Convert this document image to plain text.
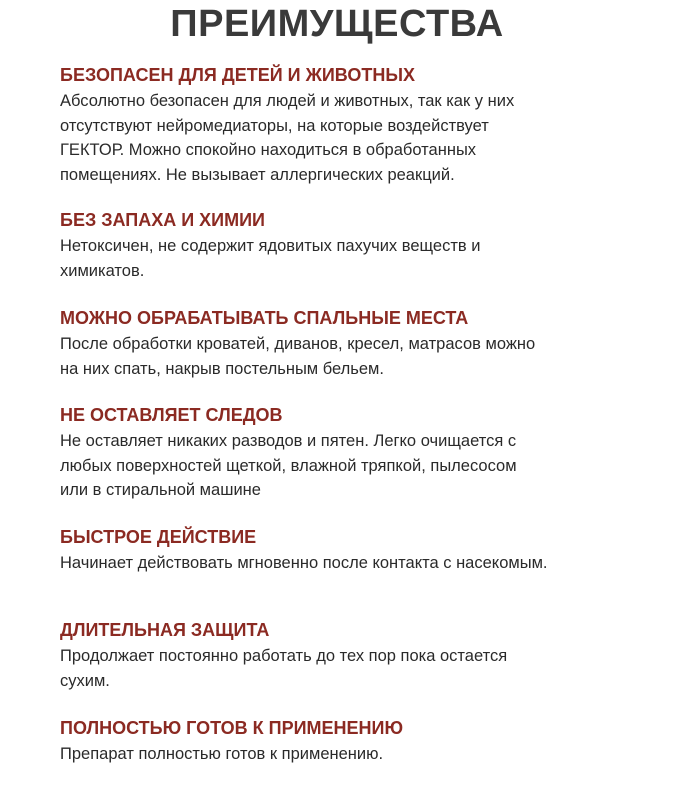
ПРЕИМУЩЕСТВА
БЕЗОПАСЕН ДЛЯ ДЕТЕЙ И ЖИВОТНЫХ
Абсолютно безопасен для людей и животных, так как у них
отсутствуют нейромедиаторы, на которые воздействует
ГЕКТОР. Можно спокойно находиться в обработанных
помещениях. Не вызывает аллергических реакций.
БЕЗ ЗАПАХА И ХИМИИ
Нетоксичен, не содержит ядовитых пахучих веществ и
химикатов.
МОЖНО ОБРАБАТЫВАТЬ СПАЛЬНЫЕ МЕСТА
После обработки кроватей, диванов, кресел, матрасов можно
на них спать, накрыв постельным бельем.
НЕ ОСТАВЛЯЕТ СЛЕДОВ
Не оставляет никаких разводов и пятен. Легко очищается с
любых поверхностей щеткой, влажной тряпкой, пылесосом
или в стиральной машине
БЫСТРОЕ ДЕЙСТВИЕ
Начинает действовать мгновенно после контакта с насекомым.
ДЛИТЕЛЬНАЯ ЗАЩИТА
Продолжает постоянно работать до тех пор пока остается
сухим.
ПОЛНОСТЬЮ ГОТОВ К ПРИМЕНЕНИЮ
Препарат полностью готов к применению.
